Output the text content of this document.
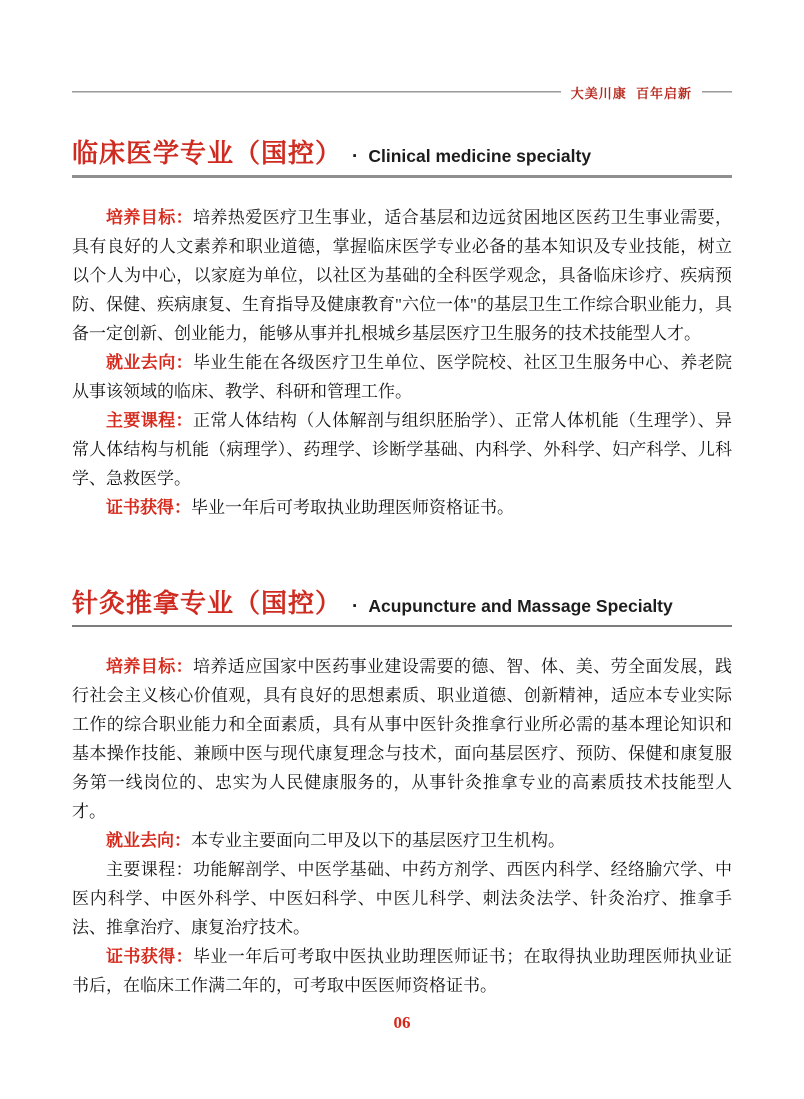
大美川康  百年启新
临床医学专业（国控） · Clinical medicine specialty

培养目标：培养热爱医疗卫生事业，适合基层和边远贫困地区医药卫生事业需要，具有良好的人文素养和职业道德，掌握临床医学专业必备的基本知识及专业技能，树立以个人为中心，以家庭为单位，以社区为基础的全科医学观念，具备临床诊疗、疾病预防、保健、疾病康复、生育指导及健康教育"六位一体"的基层卫生工作综合职业能力，具备一定创新、创业能力，能够从事并扎根城乡基层医疗卫生服务的技术技能型人才。

就业去向：毕业生能在各级医疗卫生单位、医学院校、社区卫生服务中心、养老院从事该领域的临床、教学、科研和管理工作。

主要课程：正常人体结构（人体解剖与组织胚胎学）、正常人体机能（生理学）、异常人体结构与机能（病理学）、药理学、诊断学基础、内科学、外科学、妇产科学、儿科学、急救医学。

证书获得：毕业一年后可考取执业助理医师资格证书。

针灸推拿专业（国控） · Acupuncture and Massage Specialty

培养目标：培养适应国家中医药事业建设需要的德、智、体、美、劳全面发展，践行社会主义核心价值观，具有良好的思想素质、职业道德、创新精神，适应本专业实际工作的综合职业能力和全面素质，具有从事中医针灸推拿行业所必需的基本理论知识和基本操作技能、兼顾中医与现代康复理念与技术，面向基层医疗、预防、保健和康复服务第一线岗位的、忠实为人民健康服务的，从事针灸推拿专业的高素质技术技能型人才。

就业去向：本专业主要面向二甲及以下的基层医疗卫生机构。

主要课程：功能解剖学、中医学基础、中药方剂学、西医内科学、经络腧穴学、中医内科学、中医外科学、中医妇科学、中医儿科学、刺法灸法学、针灸治疗、推拿手法、推拿治疗、康复治疗技术。

证书获得：毕业一年后可考取中医执业助理医师证书；在取得执业助理医师执业证书后，在临床工作满二年的，可考取中医医师资格证书。

06
